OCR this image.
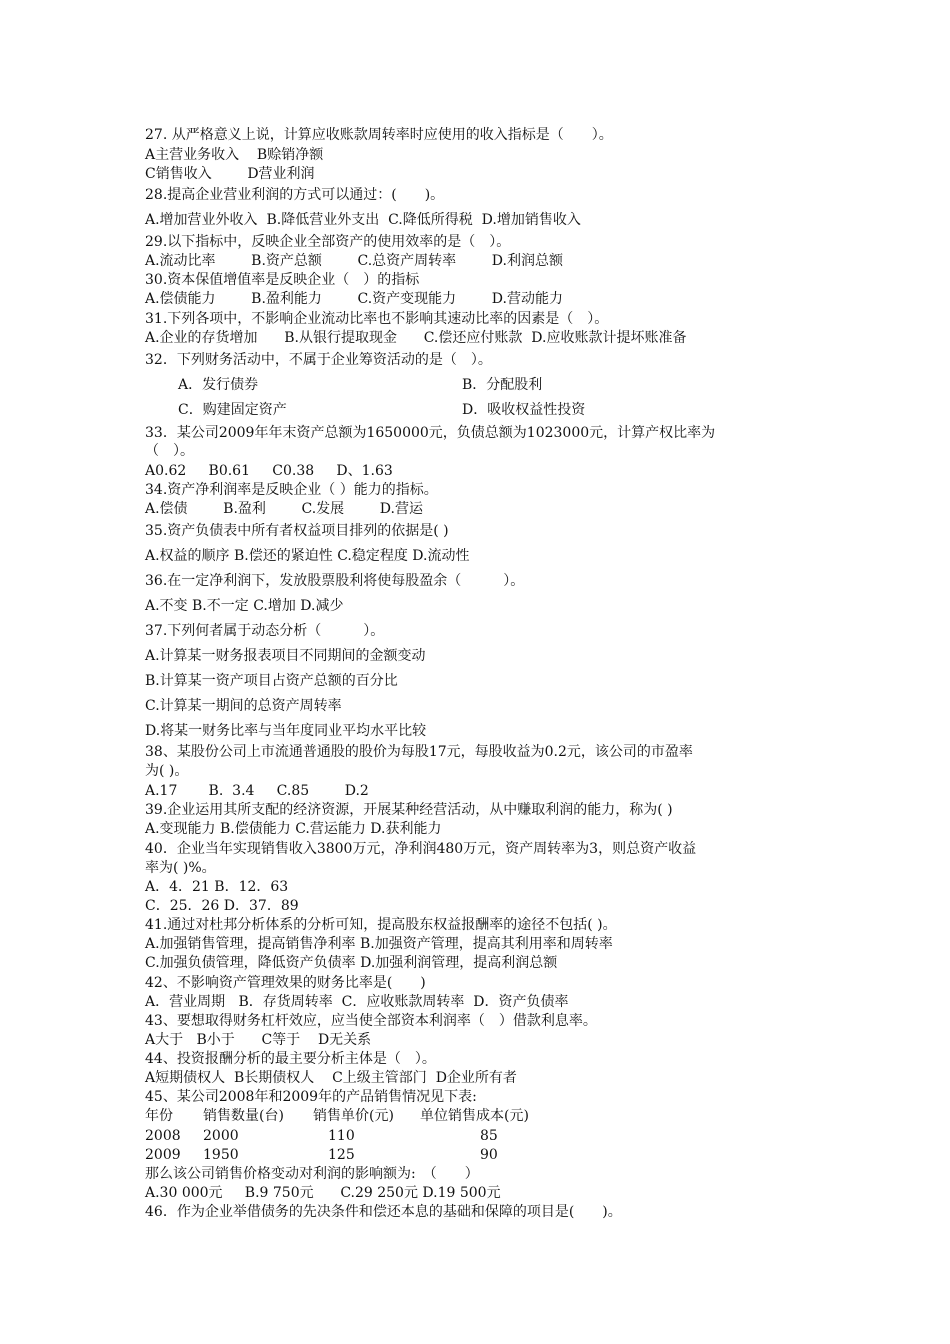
27. 从严格意义上说，计算应收账款周转率时应使用的收入指标是（　　）。
A主营业务收入    B赊销净额
C销售收入        D营业利润
28.提高企业营业利润的方式可以通过：(　　)。
A.增加营业外收入  B.降低营业外支出  C.降低所得税  D.增加销售收入
29.以下指标中，反映企业全部资产的使用效率的是（　）。
A.流动比率        B.资产总额        C.总资产周转率        D.利润总额
30.资本保值增值率是反映企业（　）的指标
A.偿债能力        B.盈利能力        C.资产变现能力        D.营动能力
31.下列各项中，不影响企业流动比率也不影响其速动比率的因素是（　）。
A.企业的存货增加      B.从银行提取现金      C.偿还应付账款  D.应收账款计提坏账准备
32．下列财务活动中，不属于企业筹资活动的是（　）。
A．发行债券	B．分配股利
C．购建固定资产	D．吸收权益性投资
33．某公司2009年年末资产总额为1650000元，负债总额为1023000元，计算产权比率为
（　）。
A0.62     B0.61     C0.38     D、1.63
34.资产净利润率是反映企业（ ）能力的指标。
A.偿债        B.盈利        C.发展        D.营运
35.资产负债表中所有者权益项目排列的依据是( )
A.权益的顺序 B.偿还的紧迫性 C.稳定程度 D.流动性
36.在一定净利润下，发放股票股利将使每股盈余（　　　）。
A.不变 B.不一定 C.增加 D.减少
37.下列何者属于动态分析（　　　）。
A.计算某一财务报表项目不同期间的金额变动
B.计算某一资产项目占资产总额的百分比
C.计算某一期间的总资产周转率
D.将某一财务比率与当年度同业平均水平比较
38、某股份公司上市流通普通股的股价为每股17元，每股收益为0.2元，该公司的市盈率
为( )。
A.17       B.  3.4     C.85        D.2
39.企业运用其所支配的经济资源，开展某种经营活动，从中赚取利润的能力，称为( )
A.变现能力 B.偿债能力 C.营运能力 D.获利能力
40．企业当年实现销售收入3800万元，净利润480万元，资产周转率为3，则总资产收益
率为( )%。
A．4．21 B．12．63
C．25．26 D．37．89
41.通过对杜邦分析体系的分析可知，提高股东权益报酬率的途径不包括( )。
A.加强销售管理，提高销售净利率 B.加强资产管理，提高其利用率和周转率
C.加强负债管理，降低资产负债率 D.加强利润管理，提高利润总额
42、不影响资产管理效果的财务比率是(　　)
A．营业周期   B．存货周转率  C．应收账款周转率  D．资产负债率
43、要想取得财务杠杆效应，应当使全部资本利润率（　）借款利息率。
A大于   B小于      C等于    D无关系
44、投资报酬分析的最主要分析主体是（　）。
A短期债权人  B长期债权人    C上级主管部门  D企业所有者
45、某公司2008年和2009年的产品销售情况见下表:
年份 销售数量(台) 销售单价(元) 单位销售成本(元)
2008 2000	110	85
2009 1950	125	90
那么该公司销售价格变动对利润的影响额为:　（　　）
A.30 000元     B.9 750元      C.29 250元 D.19 500元
46．作为企业举借债务的先决条件和偿还本息的基础和保障的项目是(　　)。
